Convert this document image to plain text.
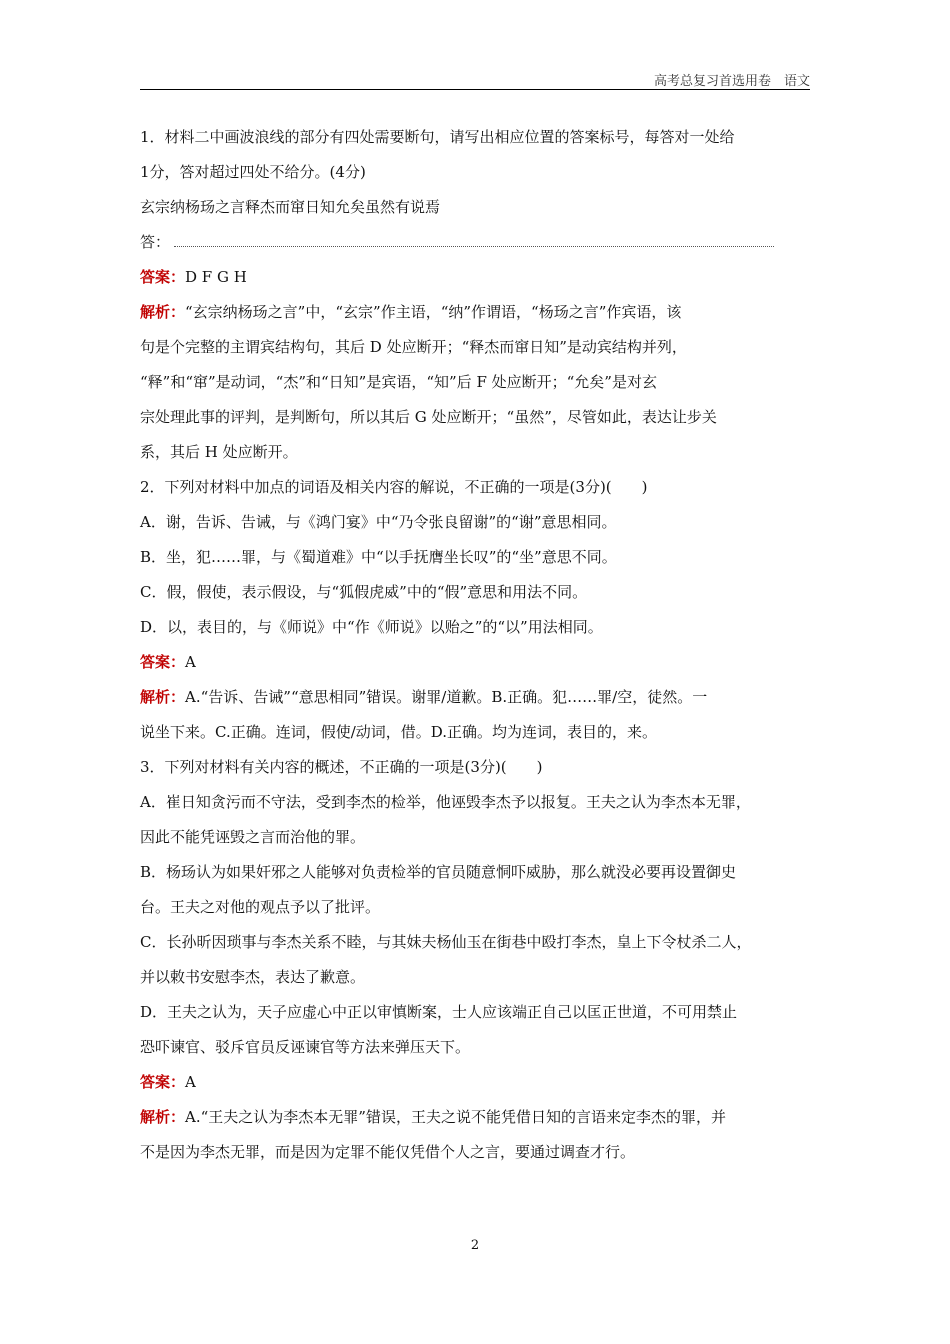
高考总复习首选用卷　语文

1．材料二中画波浪线的部分有四处需要断句，请写出相应位置的答案标号，每答对一处给

1分，答对超过四处不给分。(4分)

玄宗纳杨玚之言释杰而窜日知允矣虽然有说焉

答：

答案：D F G H

解析：“玄宗纳杨玚之言”中，“玄宗”作主语，“纳”作谓语，“杨玚之言”作宾语，该

句是个完整的主谓宾结构句，其后 D 处应断开；“释杰而窜日知”是动宾结构并列，

“释”和“窜”是动词，“杰”和“日知”是宾语，“知”后 F 处应断开；“允矣”是对玄

宗处理此事的评判，是判断句，所以其后 G 处应断开；“虽然”，尽管如此，表达让步关

系，其后 H 处应断开。

2．下列对材料中加点的词语及相关内容的解说，不正确的一项是(3分)(　　)

A．谢，告诉、告诫，与《鸿门宴》中“乃令张良留谢”的“谢”意思相同。

B．坐，犯……罪，与《蜀道难》中“以手抚膺坐长叹”的“坐”意思不同。

C．假，假使，表示假设，与“狐假虎威”中的“假”意思和用法不同。

D．以，表目的，与《师说》中“作《师说》以贻之”的“以”用法相同。

答案：A

解析：A.“告诉、告诫”“意思相同”错误。谢罪/道歉。B.正确。犯……罪/空，徒然。一

说坐下来。C.正确。连词，假使/动词，借。D.正确。均为连词，表目的，来。

3．下列对材料有关内容的概述，不正确的一项是(3分)(　　)

A．崔日知贪污而不守法，受到李杰的检举，他诬毁李杰予以报复。王夫之认为李杰本无罪，

因此不能凭诬毁之言而治他的罪。

B．杨玚认为如果奸邪之人能够对负责检举的官员随意恫吓威胁，那么就没必要再设置御史

台。王夫之对他的观点予以了批评。

C．长孙昕因琐事与李杰关系不睦，与其妹夫杨仙玉在街巷中殴打李杰，皇上下令杖杀二人，

并以敕书安慰李杰，表达了歉意。

D．王夫之认为，天子应虚心中正以审慎断案，士人应该端正自己以匡正世道，不可用禁止

恐吓谏官、驳斥官员反诬谏官等方法来弹压天下。

答案：A

解析：A.“王夫之认为李杰本无罪”错误，王夫之说不能凭借日知的言语来定李杰的罪，并

不是因为李杰无罪，而是因为定罪不能仅凭借个人之言，要通过调查才行。

2
